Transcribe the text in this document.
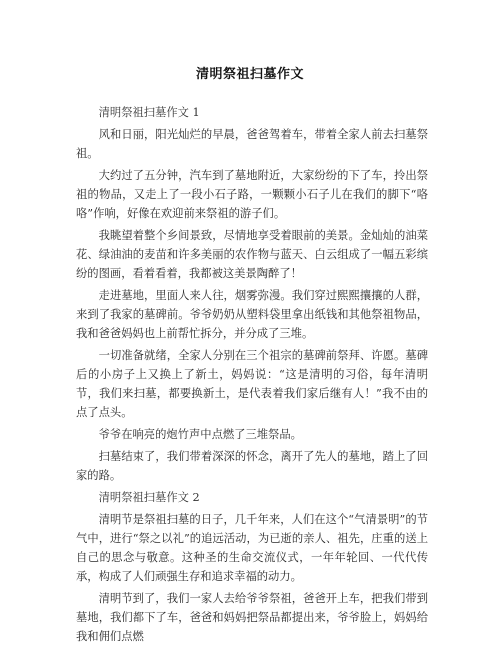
清明祭祖扫墓作文

清明祭祖扫墓作文 1

风和日丽，阳光灿烂的早晨，爸爸驾着车，带着全家人前去扫墓祭祖。

大约过了五分钟，汽车到了墓地附近，大家纷纷的下了车，拎出祭祖的物品，又走上了一段小石子路，一颗颗小石子儿在我们的脚下“咯咯”作响，好像在欢迎前来祭祖的游子们。

我眺望着整个乡间景致，尽情地享受着眼前的美景。金灿灿的油菜花、绿油油的麦苗和许多美丽的农作物与蓝天、白云组成了一幅五彩缤纷的图画，看着看着，我都被这美景陶醉了！

走进墓地，里面人来人往，烟雾弥漫。我们穿过熙熙攘攘的人群，来到了我家的墓碑前。爷爷奶奶从塑料袋里拿出纸钱和其他祭祖物品，我和爸爸妈妈也上前帮忙拆分，并分成了三堆。

一切准备就绪，全家人分别在三个祖宗的墓碑前祭拜、许愿。墓碑后的小房子上又换上了新土，妈妈说：“这是清明的习俗，每年清明节，我们来扫墓，都要换新土，是代表着我们家后继有人！”我不由的点了点头。

爷爷在响亮的炮竹声中点燃了三堆祭品。

扫墓结束了，我们带着深深的怀念，离开了先人的墓地，踏上了回家的路。

清明祭祖扫墓作文 2

清明节是祭祖扫墓的日子，几千年来，人们在这个“气清景明”的节气中，进行“祭之以礼”的追远活动，为已逝的亲人、祖先，庄重的送上自己的思念与敬意。这种圣的生命交流仪式，一年年轮回、一代代传承，构成了人们顽强生存和追求幸福的动力。

清明节到了，我们一家人去给爷爷祭祖，爸爸开上车，把我们带到墓地，我们都下了车，爸爸和妈妈把祭品都提出来，爷爷脸上，妈妈给我和佣们点燃
